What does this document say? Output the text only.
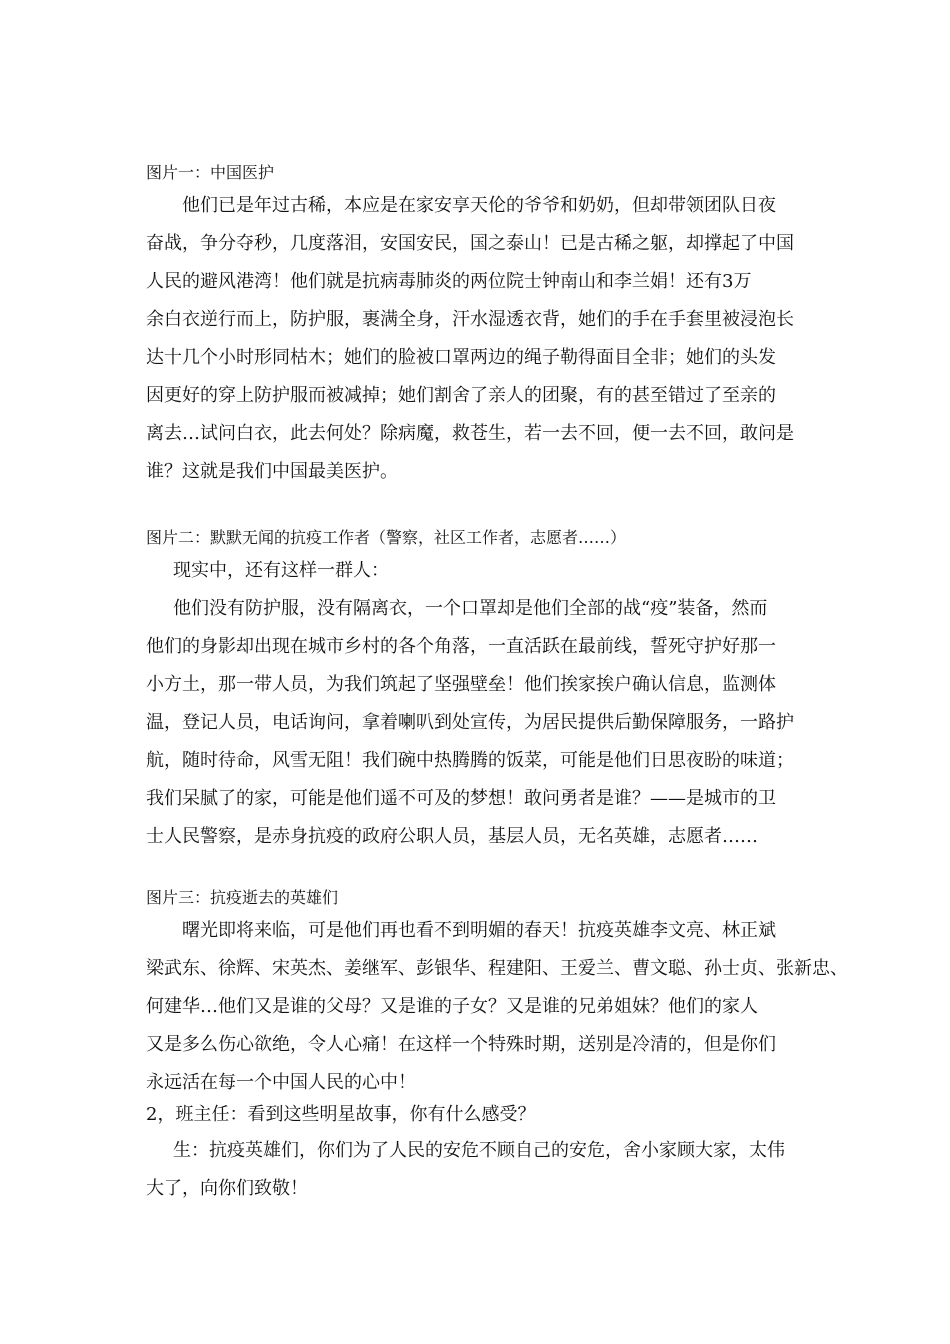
图片一：中国医护
他们已是年过古稀，本应是在家安享天伦的爷爷和奶奶，但却带领团队日夜
奋战，争分夺秒，几度落泪，安国安民，国之泰山！已是古稀之躯，却撑起了中国
人民的避风港湾！他们就是抗病毒肺炎的两位院士钟南山和李兰娟！还有3万
余白衣逆行而上，防护服，裹满全身，汗水湿透衣背，她们的手在手套里被浸泡长
达十几个小时形同枯木；她们的脸被口罩两边的绳子勒得面目全非；她们的头发
因更好的穿上防护服而被减掉；她们割舍了亲人的团聚，有的甚至错过了至亲的
离去…试问白衣，此去何处？除病魔，救苍生，若一去不回，便一去不回，敢问是
谁？这就是我们中国最美医护。
图片二：默默无闻的抗疫工作者（警察，社区工作者，志愿者……）
现实中，还有这样一群人：
他们没有防护服，没有隔离衣，一个口罩却是他们全部的战“疫”装备，然而
他们的身影却出现在城市乡村的各个角落，一直活跃在最前线，誓死守护好那一
小方土，那一带人员，为我们筑起了坚强壁垒！他们挨家挨户确认信息，监测体
温，登记人员，电话询问，拿着喇叭到处宣传，为居民提供后勤保障服务，一路护
航，随时待命，风雪无阻！我们碗中热腾腾的饭菜，可能是他们日思夜盼的味道；
我们呆腻了的家，可能是他们遥不可及的梦想！敢问勇者是谁？——是城市的卫
士人民警察，是赤身抗疫的政府公职人员，基层人员，无名英雄，志愿者……
图片三：抗疫逝去的英雄们
曙光即将来临，可是他们再也看不到明媚的春天！抗疫英雄李文亮、林正斌
梁武东、徐辉、宋英杰、姜继军、彭银华、程建阳、王爱兰、曹文聪、孙士贞、张新忠、
何建华…他们又是谁的父母？又是谁的子女？又是谁的兄弟姐妹？他们的家人
又是多么伤心欲绝，令人心痛！在这样一个特殊时期，送别是冷清的，但是你们
永远活在每一个中国人民的心中！
2，班主任：看到这些明星故事，你有什么感受？
生：抗疫英雄们，你们为了人民的安危不顾自己的安危，舍小家顾大家，太伟
大了，向你们致敬！
